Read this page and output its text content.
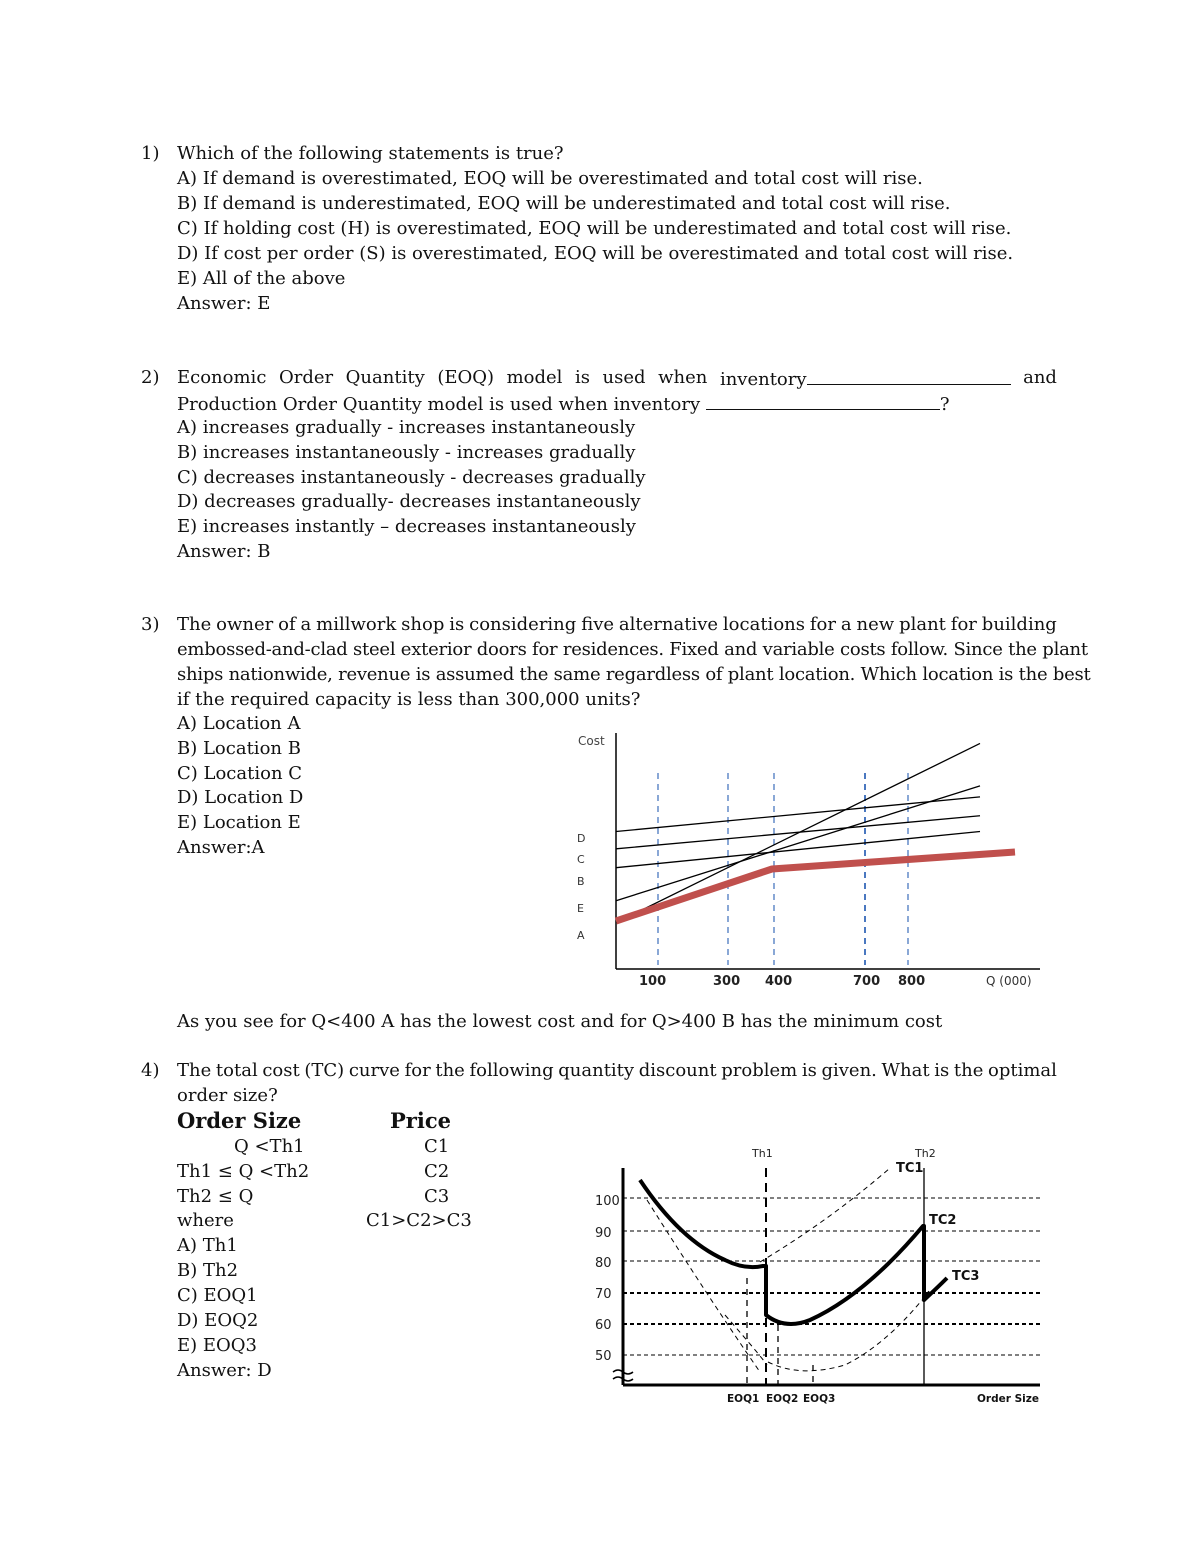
1) Which of the following statements is true?
A) If demand is overestimated, EOQ will be overestimated and total cost will rise.
B) If demand is underestimated, EOQ will be underestimated and total cost will rise.
C) If holding cost (H) is overestimated, EOQ will be underestimated and total cost will rise.
D) If cost per order (S) is overestimated, EOQ will be overestimated and total cost will rise.
E) All of the above
Answer: E
2) Economic Order Quantity (EOQ) model is used when inventory	and
Production Order Quantity model is used when inventory	?
A) increases gradually - increases instantaneously
B) increases instantaneously - increases gradually
C) decreases instantaneously - decreases gradually
D) decreases gradually- decreases instantaneously
E) increases instantly – decreases instantaneously
Answer: B
3) The owner of a millwork shop is considering five alternative locations for a new plant for building
embossed-and-clad steel exterior doors for residences. Fixed and variable costs follow. Since the plant
ships nationwide, revenue is assumed the same regardless of plant location. Which location is the best
if the required capacity is less than 300,000 units?
A) Location A
B) Location B
C) Location C
D) Location D
E) Location E
Answer:A
Cost
D
C
B
E
A
100	300 400	700 800	Q (000)
As you see for Q<400 A has the lowest cost and for Q>400 B has the minimum cost
4) The total cost (TC) curve for the following quantity discount problem is given. What is the optimal
order size?
Order Size	Price
Q <Th1	C1
Th1 ≤ Q <Th2	C2
Th2 ≤ Q	C3
where	C1>C2>C3
A) Th1
B) Th2
C) EOQ1
D) EOQ2
E) EOQ3
Answer: D
100
90
80
70
60
50
Th1	Th2
TC1
TC2
TC3
EOQ1 EOQ2 EOQ3	Order Size
